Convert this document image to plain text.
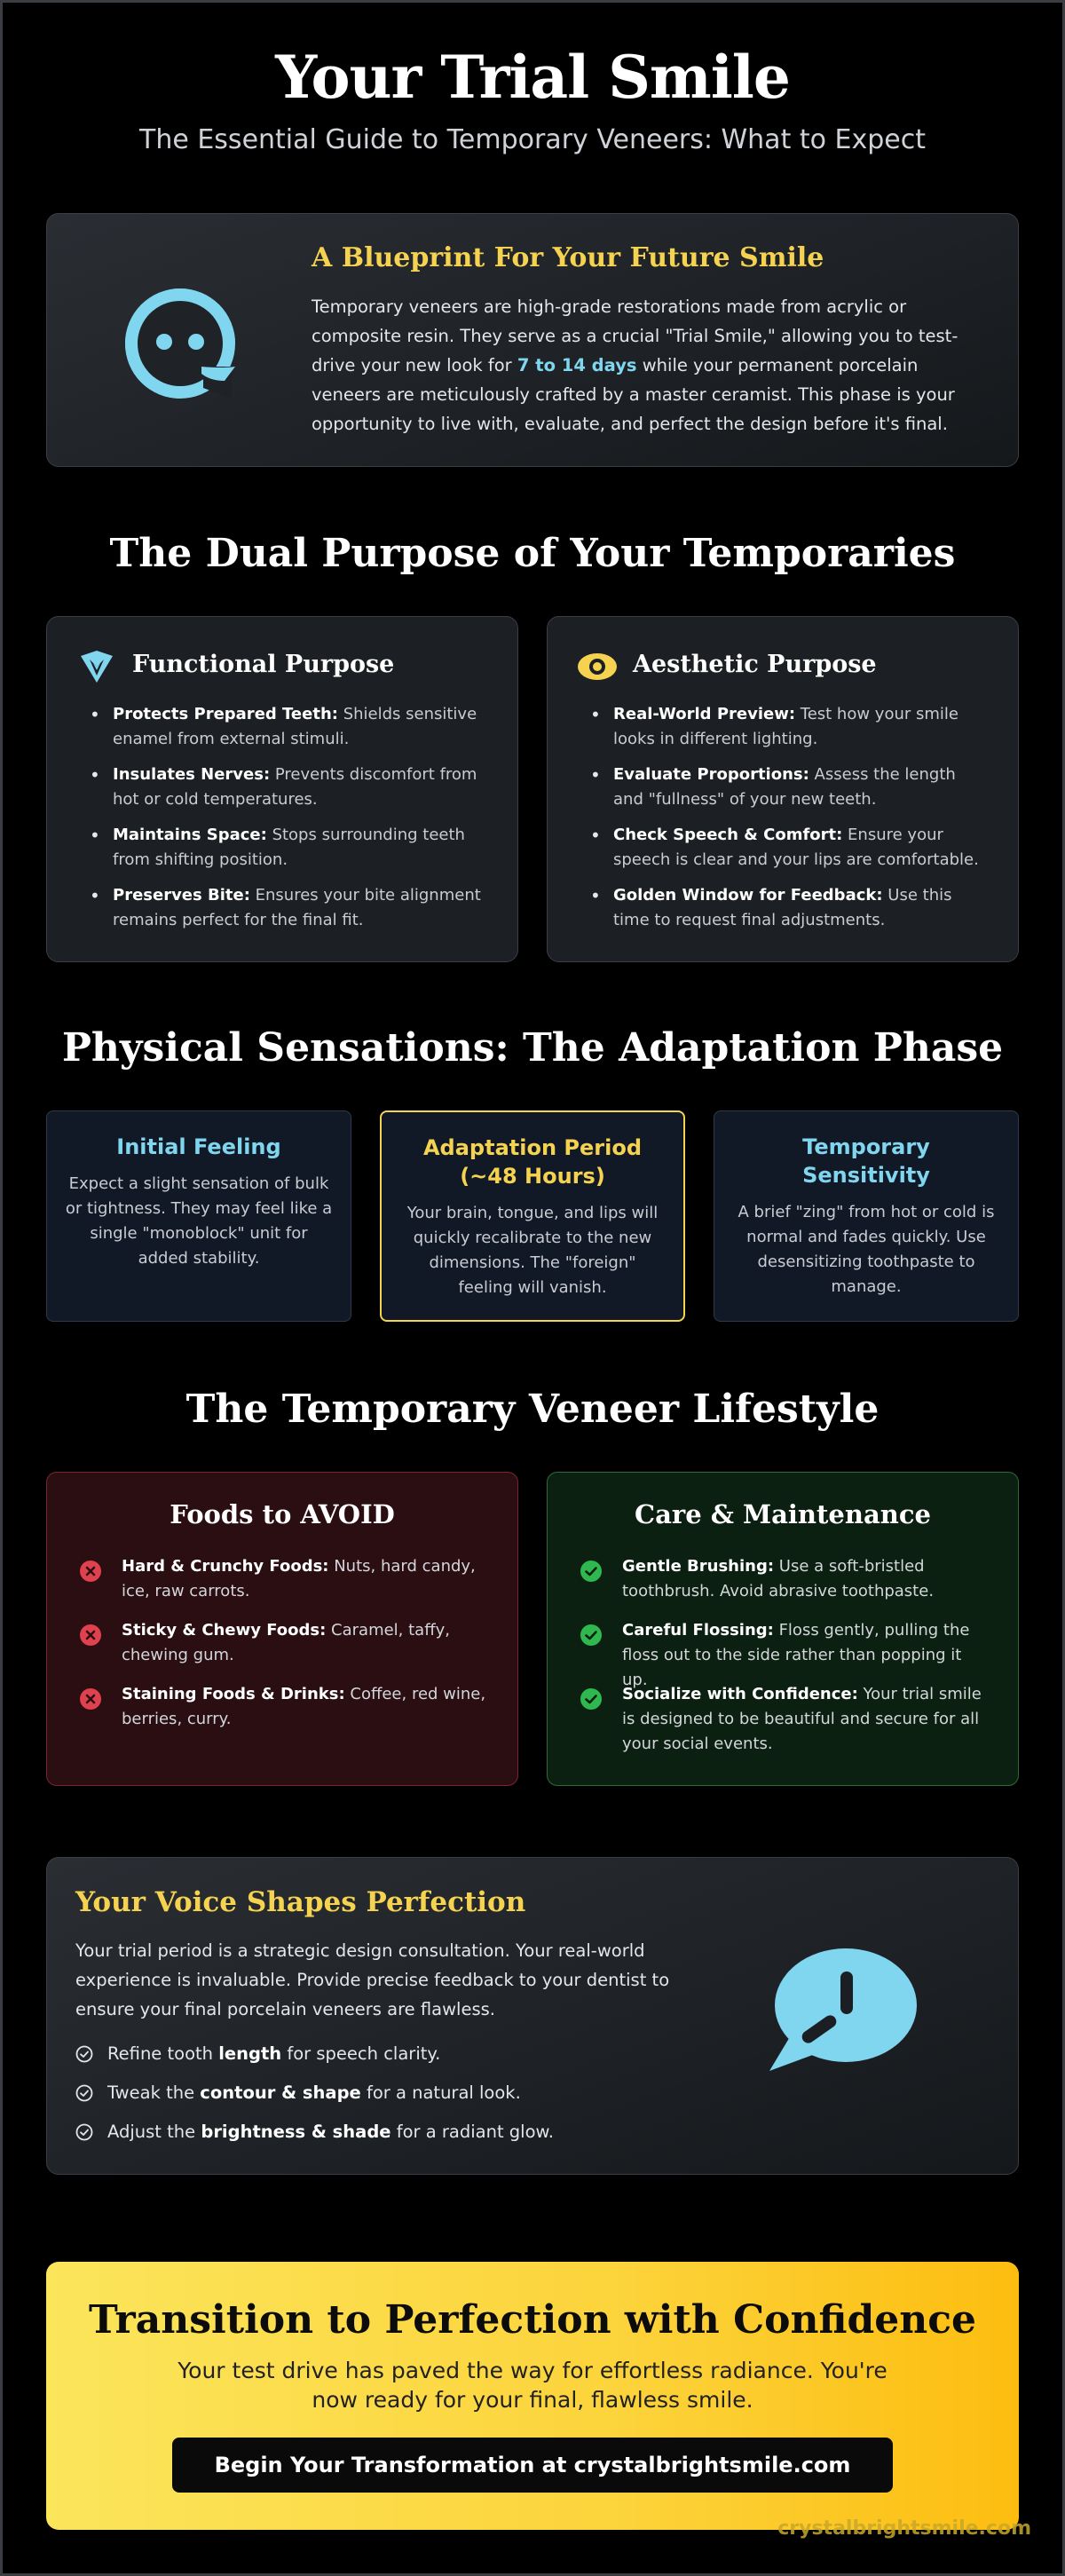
Your Trial Smile
The Essential Guide to Temporary Veneers: What to Expect
A Blueprint For Your Future Smile

Temporary veneers are high-grade restorations made from acrylic or composite resin. They serve as a crucial "Trial Smile," allowing you to test-drive your new look for 7 to 14 days while your permanent porcelain veneers are meticulously crafted by a master ceramist. This phase is your opportunity to live with, evaluate, and perfect the design before it's final.

The Dual Purpose of Your Temporaries
Functional Purpose
• Protects Prepared Teeth: Shields sensitive enamel from external stimuli.
• Insulates Nerves: Prevents discomfort from hot or cold temperatures.
• Maintains Space: Stops surrounding teeth from shifting position.
• Preserves Bite: Ensures your bite alignment remains perfect for the final fit.
Aesthetic Purpose
• Real-World Preview: Test how your smile looks in different lighting.
• Evaluate Proportions: Assess the length and "fullness" of your new teeth.
• Check Speech & Comfort: Ensure your speech is clear and your lips are comfortable.
• Golden Window for Feedback: Use this time to request final adjustments.
Physical Sensations: The Adaptation Phase
Initial Feeling
Expect a slight sensation of bulk or tightness. They may feel like a single "monoblock" unit for added stability.
Adaptation Period (~48 Hours)
Your brain, tongue, and lips will quickly recalibrate to the new dimensions. The "foreign" feeling will vanish.
Temporary Sensitivity
A brief "zing" from hot or cold is normal and fades quickly. Use desensitizing toothpaste to manage.
The Temporary Veneer Lifestyle
Foods to AVOID
Hard & Crunchy Foods: Nuts, hard candy, ice, raw carrots.
Sticky & Chewy Foods: Caramel, taffy, chewing gum.
Staining Foods & Drinks: Coffee, red wine, berries, curry.
Care & Maintenance
Gentle Brushing: Use a soft-bristled toothbrush. Avoid abrasive toothpaste.
Careful Flossing: Floss gently, pulling the floss out to the side rather than popping it up.
Socialize with Confidence: Your trial smile is designed to be beautiful and secure for all your social events.
Your Voice Shapes Perfection

Your trial period is a strategic design consultation. Your real-world experience is invaluable. Provide precise feedback to your dentist to ensure your final porcelain veneers are flawless.

Refine tooth length for speech clarity.
Tweak the contour & shape for a natural look.
Adjust the brightness & shade for a radiant glow.
Transition to Perfection with Confidence

Your test drive has paved the way for effortless radiance. You're now ready for your final, flawless smile.

Begin Your Transformation at crystalbrightsmile.com
crystalbrightsmile.com
